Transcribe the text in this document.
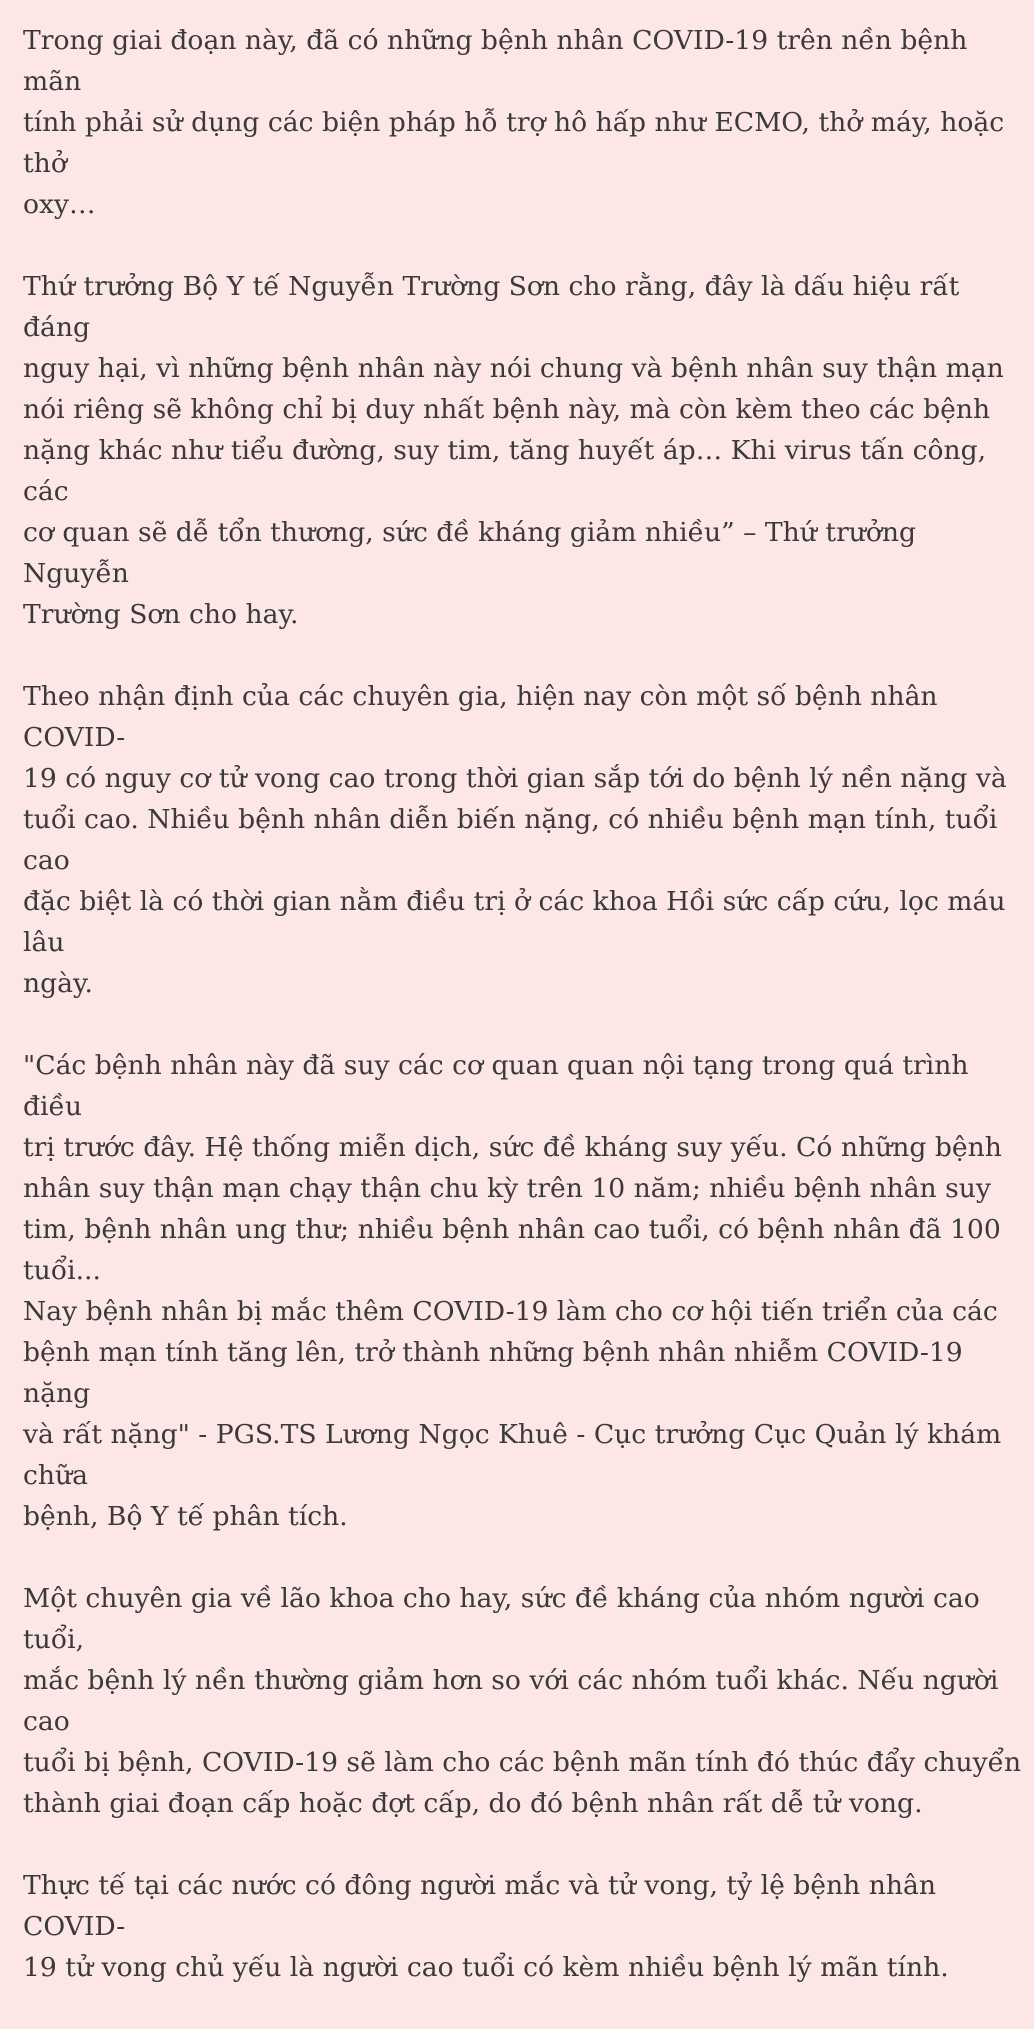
Trong giai đoạn này, đã có những bệnh nhân COVID-19 trên nền bệnh mãn
tính phải sử dụng các biện pháp hỗ trợ hô hấp như ECMO, thở máy, hoặc thở
oxy…

Thứ trưởng Bộ Y tế Nguyễn Trường Sơn cho rằng, đây là dấu hiệu rất đáng
nguy hại, vì những bệnh nhân này nói chung và bệnh nhân suy thận mạn
nói riêng sẽ không chỉ bị duy nhất bệnh này, mà còn kèm theo các bệnh
nặng khác như tiểu đường, suy tim, tăng huyết áp… Khi virus tấn công, các
cơ quan sẽ dễ tổn thương, sức đề kháng giảm nhiều” – Thứ trưởng Nguyễn
Trường Sơn cho hay.

Theo nhận định của các chuyên gia, hiện nay còn một số bệnh nhân COVID-
19 có nguy cơ tử vong cao trong thời gian sắp tới do bệnh lý nền nặng và
tuổi cao. Nhiều bệnh nhân diễn biến nặng, có nhiều bệnh mạn tính, tuổi cao
đặc biệt là có thời gian nằm điều trị ở các khoa Hồi sức cấp cứu, lọc máu lâu
ngày.

"Các bệnh nhân này đã suy các cơ quan quan nội tạng trong quá trình điều
trị trước đây. Hệ thống miễn dịch, sức đề kháng suy yếu. Có những bệnh
nhân suy thận mạn chạy thận chu kỳ trên 10 năm; nhiều bệnh nhân suy
tim, bệnh nhân ung thư; nhiều bệnh nhân cao tuổi, có bệnh nhân đã 100
tuổi...

Nay bệnh nhân bị mắc thêm COVID-19 làm cho cơ hội tiến triển của các
bệnh mạn tính tăng lên, trở thành những bệnh nhân nhiễm COVID-19 nặng
và rất nặng" - PGS.TS Lương Ngọc Khuê - Cục trưởng Cục Quản lý khám chữa
bệnh, Bộ Y tế phân tích.

Một chuyên gia về lão khoa cho hay, sức đề kháng của nhóm người cao tuổi,
mắc bệnh lý nền thường giảm hơn so với các nhóm tuổi khác. Nếu người cao
tuổi bị bệnh, COVID-19 sẽ làm cho các bệnh mãn tính đó thúc đẩy chuyển
thành giai đoạn cấp hoặc đợt cấp, do đó bệnh nhân rất dễ tử vong.

Thực tế tại các nước có đông người mắc và tử vong, tỷ lệ bệnh nhân COVID-
19 tử vong chủ yếu là người cao tuổi có kèm nhiều bệnh lý mãn tính.
